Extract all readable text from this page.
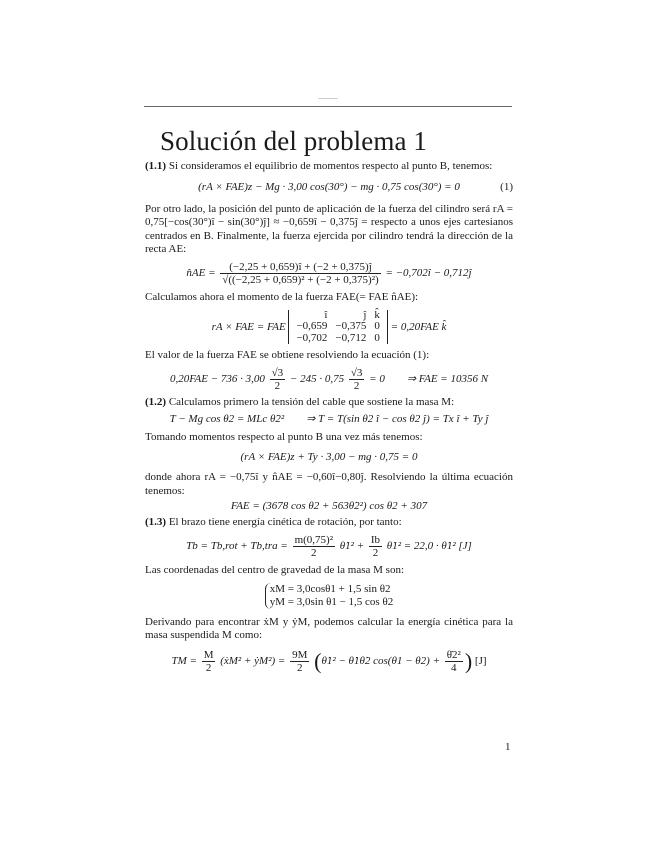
Solución del problema 1

(1.1) Si consideramos el equilibrio de momentos respecto al punto B, tenemos:

(rA × FAE)z − Mg · 3,00 cos(30°) − mg · 0,75 cos(30°) = 0	(1)

Por otro lado, la posición del punto de aplicación de la fuerza del cilindro será rA = 0,75[−cos(30°)î − sin(30°)ĵ] ≈ −0,659î − 0,375ĵ = respecto a unos ejes cartesianos centrados en B. Finalmente, la fuerza ejercida por cilindro tendrá la dirección de la recta AE:

n̂AE = $\frac{(-2,25 + 0,659)î + (-2 + 0,375)ĵ}{\text{√((−2,25 + 0,659)² + (−2 + 0,375)²)}}$ = −0,702î − 0,712ĵ

Calculamos ahora el momento de la fuerza FAE(= FAE n̂AE):

rA × FAE = FAE
î	ĵ	k̂
−0,659	−0,375	0
−0,702	−0,712	0
= 0,20FAE k̂

El valor de la fuerza FAE se obtiene resolviendo la ecuación (1):

$0,20FAE - 736 \cdot 3,00 \frac{√3}{2} - 245 \cdot 0,75 \frac{√3}{2} = 0$ ⇒ FAE = 10356 N

(1.2) Calculamos primero la tensión del cable que sostiene la masa M:

T − Mg cos θ2 = MLc θ̇2² ⇒ T = T(sin θ2 î − cos θ2 ĵ) = Tx î + Ty ĵ

Tomando momentos respecto al punto B una vez más tenemos:

(rA × FAE)z + Ty · 3,00 − mg · 0,75 = 0

donde ahora rA = −0,75î y n̂AE = −0,60î−0,80ĵ. Resolviendo la última ecuación tenemos:

FAE = (3678 cos θ2 + 563θ̇2²) cos θ2 + 307

(1.3) El brazo tiene energía cinética de rotación, por tanto:

$Tb = Tb,rot + Tb,tra = \frac{\text{m(0,75)²}}{2}$ θ̇1² + $\frac{Ib}{2}$ θ̇1² = 22,0 · θ̇1² [J]

Las coordenadas del centro de gravedad de la masa M son:

xM = 3,0cosθ1 + 1,5 sin θ2
yM = 3,0sin θ1 − 1,5 cos θ2

Derivando para encontrar ẋM y ẏM, podemos calcular la energía cinética para la masa suspendida M como:

TM = $\frac{M}{2}$ (ẋM² + ẏM²) = $\frac{9M}{2}$ (θ̇1² − θ̇1θ̇2 $\cos(\theta 1 - \theta 2) + \frac{\text{θ̇2²}}{4}$ ) [J]
1
